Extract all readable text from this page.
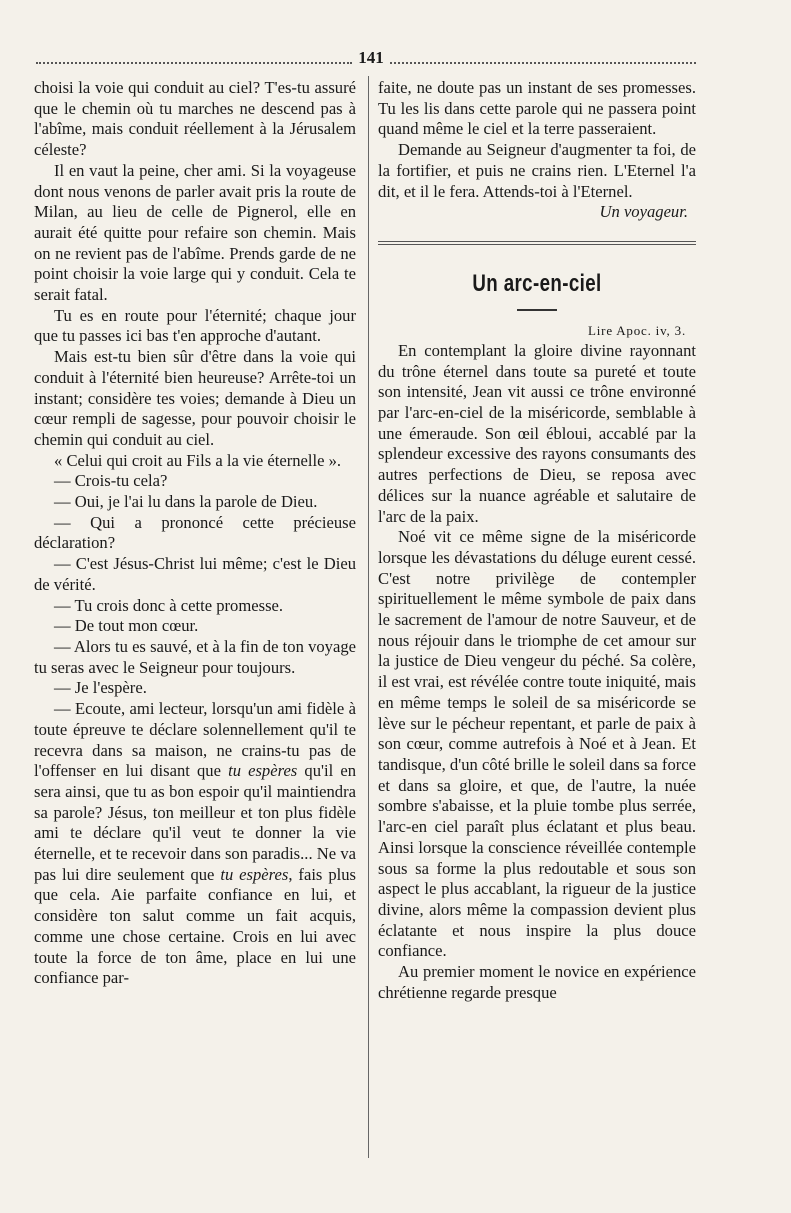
141

choisi la voie qui conduit au ciel? T'es-tu assuré que le chemin où tu marches ne descend pas à l'abîme, mais conduit réellement à la Jérusalem céleste?

Il en vaut la peine, cher ami. Si la voyageuse dont nous venons de parler avait pris la route de Milan, au lieu de celle de Pignerol, elle en aurait été quitte pour refaire son chemin. Mais on ne revient pas de l'abîme. Prends garde de ne point choisir la voie large qui y conduit. Cela te serait fatal.

Tu es en route pour l'éternité; chaque jour que tu passes ici bas t'en approche d'autant.

Mais est-tu bien sûr d'être dans la voie qui conduit à l'éternité bien heureuse? Arrête-toi un instant; considère tes voies; demande à Dieu un cœur rempli de sagesse, pour pouvoir choisir le chemin qui conduit au ciel.

« Celui qui croit au Fils a la vie éternelle ».

— Crois-tu cela?

— Oui, je l'ai lu dans la parole de Dieu.

— Qui a prononcé cette précieuse déclaration?

— C'est Jésus-Christ lui même; c'est le Dieu de vérité.

— Tu crois donc à cette promesse.

— De tout mon cœur.

— Alors tu es sauvé, et à la fin de ton voyage tu seras avec le Seigneur pour toujours.

— Je l'espère.

— Ecoute, ami lecteur, lorsqu'un ami fidèle à toute épreuve te déclare solennellement qu'il te recevra dans sa maison, ne crains-tu pas de l'offenser en lui disant que tu espères qu'il en sera ainsi, que tu as bon espoir qu'il maintiendra sa parole? Jésus, ton meilleur et ton plus fidèle ami te déclare qu'il veut te donner la vie éternelle, et te recevoir dans son paradis... Ne va pas lui dire seulement que tu espères, fais plus que cela. Aie parfaite confiance en lui, et considère ton salut comme un fait acquis, comme une chose certaine. Crois en lui avec toute la force de ton âme, place en lui une confiance par-

faite, ne doute pas un instant de ses promesses. Tu les lis dans cette parole qui ne passera point quand même le ciel et la terre passeraient.

Demande au Seigneur d'augmenter ta foi, de la fortifier, et puis ne crains rien. L'Eternel l'a dit, et il le fera. Attends-toi à l'Eternel.

Un voyageur.

Un arc-en-ciel

Lire Apoc. iv, 3.

En contemplant la gloire divine rayonnant du trône éternel dans toute sa pureté et toute son intensité, Jean vit aussi ce trône environné par l'arc-en-ciel de la miséricorde, semblable à une émeraude. Son œil ébloui, accablé par la splendeur excessive des rayons consumants des autres perfections de Dieu, se reposa avec délices sur la nuance agréable et salutaire de l'arc de la paix.

Noé vit ce même signe de la miséricorde lorsque les dévastations du déluge eurent cessé. C'est notre privilège de contempler spirituellement le même symbole de paix dans le sacrement de l'amour de notre Sauveur, et de nous réjouir dans le triomphe de cet amour sur la justice de Dieu vengeur du péché. Sa colère, il est vrai, est révélée contre toute iniquité, mais en même temps le soleil de sa miséricorde se lève sur le pécheur repentant, et parle de paix à son cœur, comme autrefois à Noé et à Jean. Et tandisque, d'un côté brille le soleil dans sa force et dans sa gloire, et que, de l'autre, la nuée sombre s'abaisse, et la pluie tombe plus serrée, l'arc-en ciel paraît plus éclatant et plus beau. Ainsi lorsque la conscience réveillée contemple sous sa forme la plus redoutable et sous son aspect le plus accablant, la rigueur de la justice divine, alors même la compassion devient plus éclatante et nous inspire la plus douce confiance.

Au premier moment le novice en expérience chrétienne regarde presque
